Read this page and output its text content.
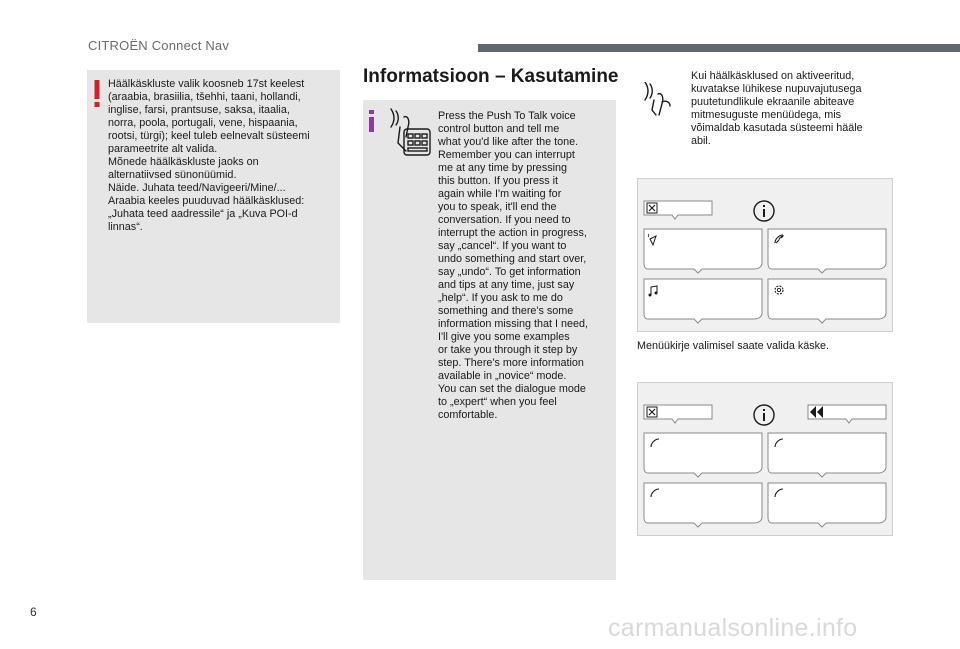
CITROËN Connect Nav
Häälkäskluste valik koosneb 17st keelest
(araabia, brasiilia, tšehhi, taani, hollandi,
inglise, farsi, prantsuse, saksa, itaalia,
norra, poola, portugali, vene, hispaania,
rootsi, türgi); keel tuleb eelnevalt süsteemi
parameetrite alt valida.
Mõnede häälkäskluste jaoks on
alternatiivsed sünonüümid.
Näide. Juhata teed/Navigeeri/Mine/...
Araabia keeles puuduvad häälkäsklused:
„Juhata teed aadressile“ ja „Kuva POI-d
linnas“.
Informatsioon – Kasutamine
Press the Push To Talk voice
control button and tell me
what you'd like after the tone.
Remember you can interrupt
me at any time by pressing
this button. If you press it
again while I'm waiting for
you to speak, it'll end the
conversation. If you need to
interrupt the action in progress,
say „cancel“. If you want to
undo something and start over,
say „undo“. To get information
and tips at any time, just say
„help“. If you ask to me do
something and there's some
information missing that I need,
I'll give you some examples
or take you through it step by
step. There's more information
available in „novice“ mode.
You can set the dialogue mode
to „expert“ when you feel
comfortable.
Kui häälkäsklused on aktiveeritud,
kuvatakse lühikese nupuvajutusega
puutetundlikule ekraanile abiteave
mitmesuguste menüüdega, mis
võimaldab kasutada süsteemi hääle
abil.
Menüükirje valimisel saate valida käske.
6
carmanualsonline.info
